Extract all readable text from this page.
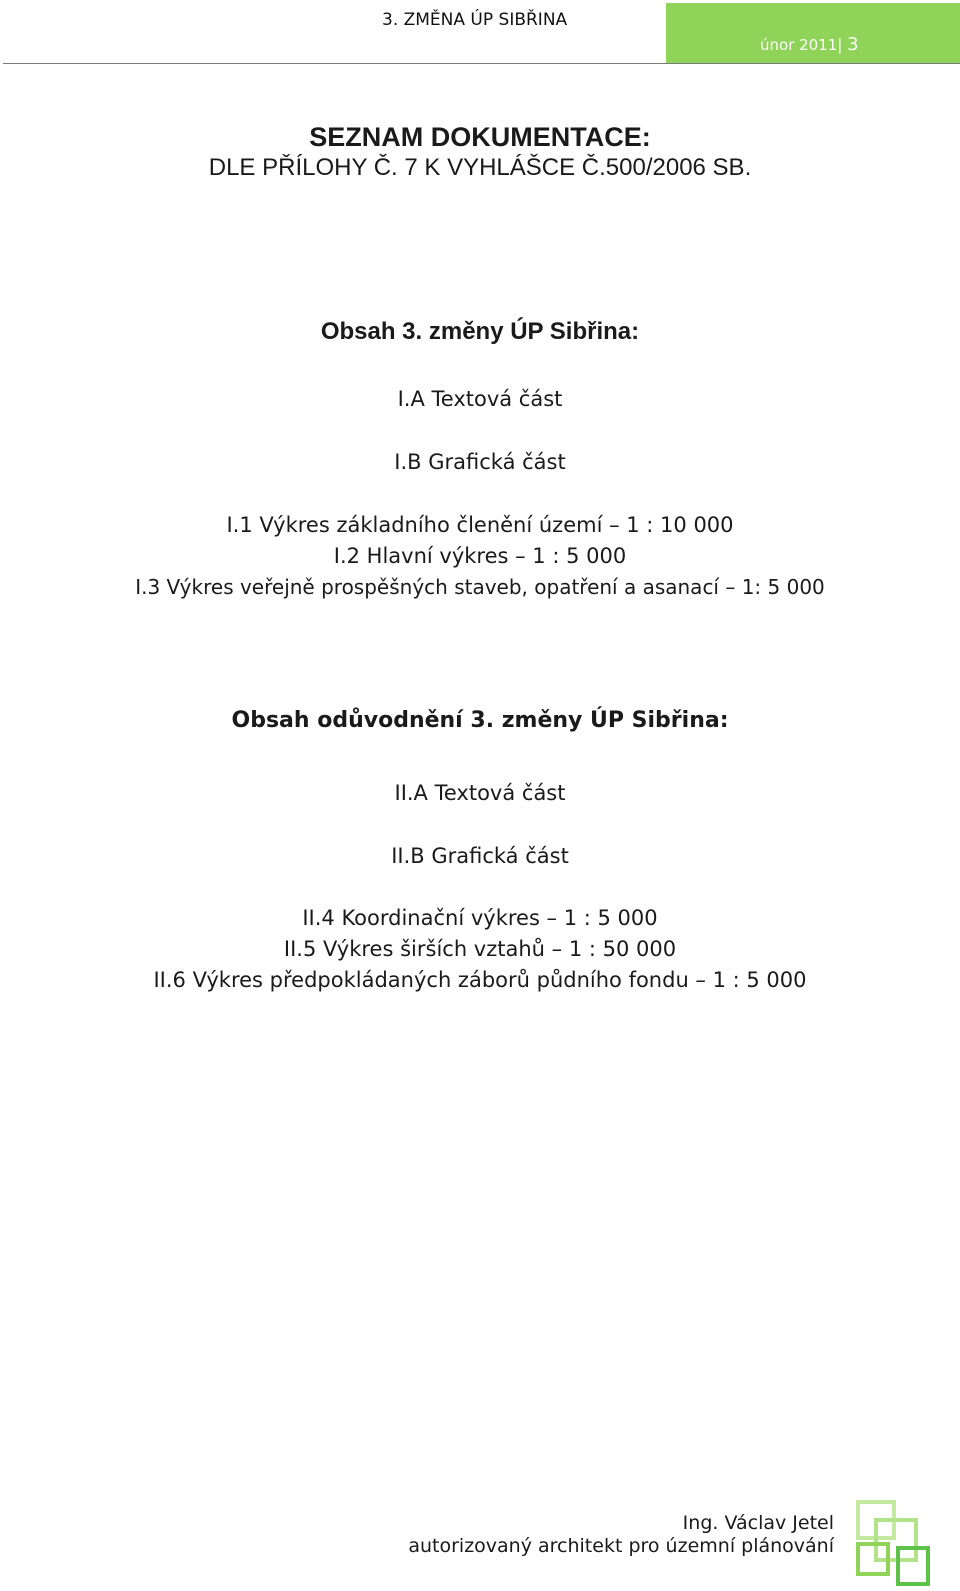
3. ZMĚNA ÚP SIBŘINA
únor 2011| 3
SEZNAM DOKUMENTACE:
DLE PŘÍLOHY Č. 7 K VYHLÁŠCE Č.500/2006 SB.
Obsah 3. změny ÚP Sibřina:
I.A Textová část
I.B Grafická část
I.1 Výkres základního členění území – 1 : 10 000
I.2 Hlavní výkres – 1 : 5 000
I.3 Výkres veřejně prospěšných staveb, opatření a asanací – 1: 5 000
Obsah odůvodnění 3. změny ÚP Sibřina:
II.A Textová část
II.B Grafická část
II.4 Koordinační výkres – 1 : 5 000
II.5 Výkres širších vztahů – 1 : 50 000
II.6 Výkres předpokládaných záborů půdního fondu – 1 : 5 000
Ing. Václav Jetel
autorizovaný architekt pro územní plánování
